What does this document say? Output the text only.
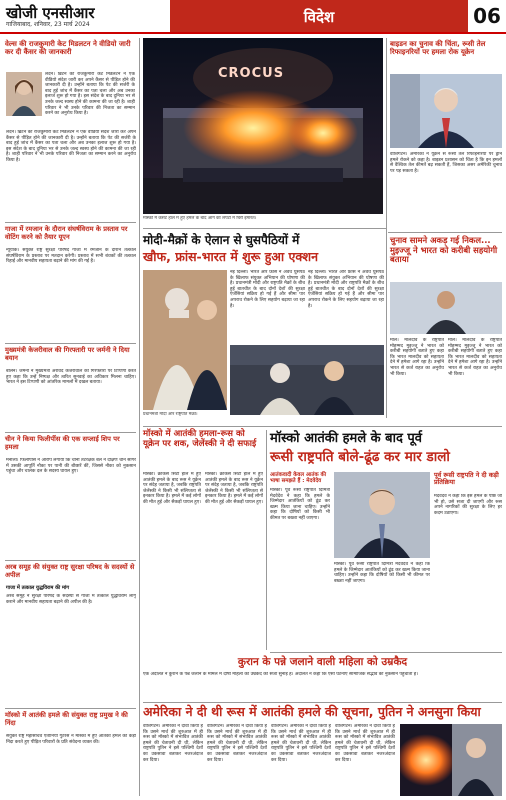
खोजी एनसीआर
गाजियाबाद, शनिवार, 23 मार्च 2024	विदेश	06
वेल्स की राजकुमारी केट मिडलटन ने वीडियो जारी कर दी कैंसर की जानकारी
लंदन। ब्रिटेन की राजकुमारी केट मिडलटन ने एक वीडियो संदेश जारी कर अपने कैंसर से पीड़ित होने की जानकारी दी है। उन्होंने बताया कि पेट की सर्जरी के बाद हुई जांच में कैंसर का पता चला और अब उनका इलाज शुरू हो गया है। इस संदेश के बाद दुनिया भर से उनके जल्द स्वस्थ होने की कामना की जा रही है। शाही परिवार ने भी उनके परिवार की निजता का सम्मान करने का अनुरोध किया है।
लंदन। ब्रिटेन की राजकुमारी केट मिडलटन ने एक वीडियो संदेश जारी कर अपने कैंसर से पीड़ित होने की जानकारी दी है। उन्होंने बताया कि पेट की सर्जरी के बाद हुई जांच में कैंसर का पता चला और अब उनका इलाज शुरू हो गया है। इस संदेश के बाद दुनिया भर से उनके जल्द स्वस्थ होने की कामना की जा रही है। शाही परिवार ने भी उनके परिवार की निजता का सम्मान करने का अनुरोध किया है।
गाजा में रमजान के दौरान संघर्षविराम के प्रस्ताव पर वोटिंग करने को तैयार यूएन
न्यूयॉर्क। संयुक्त राष्ट्र सुरक्षा परिषद गाजा में रमजान के दौरान तत्काल संघर्षविराम के प्रस्ताव पर मतदान करेगी। प्रस्ताव में सभी बंधकों की तत्काल रिहाई और मानवीय सहायता बढ़ाने की मांग की गई है।
मुख्यमंत्री केजरीवाल की गिरफ्तारी पर जर्मनी ने दिया बयान
बर्लिन। जर्मनी ने मुख्यमंत्री अरविंद केजरीवाल की गिरफ्तारी पर टिप्पणी करते हुए कहा कि उन्हें निष्पक्ष और त्वरित सुनवाई का अधिकार मिलना चाहिए। भारत ने इस टिप्पणी को आंतरिक मामलों में दखल बताया।
चीन ने किया फिलीपींस की एक सप्लाई शिप पर हमला
मनीला। फिलीपींस ने आरोप लगाया कि चीनी तटरक्षक बल ने दक्षिण चीन सागर में उसकी आपूर्ति नौका पर पानी की बौछारें कीं, जिससे नौका को नुकसान पहुंचा और चालक दल के सदस्य घायल हुए।
अरब समूह की संयुक्त राष्ट्र सुरक्षा परिषद के सदस्यों से अपील
गाजा में तत्काल युद्धविराम की मांग
अरब समूह ने सुरक्षा परिषद के सदस्यों से गाजा में तत्काल युद्धविराम लागू कराने और मानवीय सहायता बढ़ाने की अपील की है।
मॉस्को में आतंकी हमले की संयुक्त राष्ट्र प्रमुख ने की निंदा
संयुक्त राष्ट्र महासचिव एंतोनियो गुटेरेस ने मॉस्को में हुए आतंकी हमले की कड़ी निंदा करते हुए पीड़ित परिवारों के प्रति संवेदना व्यक्त की।
CROCUS
मॉस्को में कंसर्ट हॉल में हुए हमले के बाद आग की लपटों में घिरी इमारत।
बाइडन का चुनाव की चिंता, रूसी तेल रिफाइनरियों पर हमला रोक यूक्रेन
वॉशिंगटन। अमेरिका ने यूक्रेन से रूसी तेल रिफाइनरियों पर ड्रोन हमले रोकने को कहा है। बाइडन प्रशासन को चिंता है कि इन हमलों से वैश्विक तेल कीमतें बढ़ सकती हैं, जिसका असर अमेरिकी चुनाव पर पड़ सकता है।
चुनाव सामने अकड़ गई निकल... मुइज्जू ने भारत को करीबी सहयोगी बताया
माले। मालदीव के राष्ट्रपति मोहम्मद मुइज्जू ने भारत को करीबी सहयोगी बताते हुए कहा कि भारत मालदीव को सहायता देने में हमेशा आगे रहा है। उन्होंने भारत से कर्ज राहत का अनुरोध भी किया।
माले। मालदीव के राष्ट्रपति मोहम्मद मुइज्जू ने भारत को करीबी सहयोगी बताते हुए कहा कि भारत मालदीव को सहायता देने में हमेशा आगे रहा है। उन्होंने भारत से कर्ज राहत का अनुरोध भी किया।
मोदी-मैक्रों के ऐलान से घुसपैठियों में
खौफ, फ्रांस-भारत में शुरू हुआ एक्शन
नई दिल्ली। भारत और फ्रांस ने अवैध घुसपैठ के खिलाफ संयुक्त अभियान की घोषणा की है। प्रधानमंत्री मोदी और राष्ट्रपति मैक्रों के बीच हुई बातचीत के बाद दोनों देशों की सुरक्षा एजेंसियां सक्रिय हो गई हैं और सीमा पार अपराध रोकने के लिए सहयोग बढ़ाया जा रहा है।
नई दिल्ली। भारत और फ्रांस ने अवैध घुसपैठ के खिलाफ संयुक्त अभियान की घोषणा की है। प्रधानमंत्री मोदी और राष्ट्रपति मैक्रों के बीच हुई बातचीत के बाद दोनों देशों की सुरक्षा एजेंसियां सक्रिय हो गई हैं और सीमा पार अपराध रोकने के लिए सहयोग बढ़ाया जा रहा है।
प्रधानमंत्री मोदी और राष्ट्रपति मैक्रों।
मॉस्को में आतंकी हमला-रूस को यूक्रेन पर शक, जेलेंस्की ने दी सफाई
मॉस्को। क्रोकस सिटी हॉल में हुए आतंकी हमले के बाद रूस ने यूक्रेन पर संदेह जताया है, जबकि राष्ट्रपति जेलेंस्की ने किसी भी संलिप्तता से इनकार किया है। हमले में कई लोगों की मौत हुई और सैकड़ों घायल हुए।
मॉस्को। क्रोकस सिटी हॉल में हुए आतंकी हमले के बाद रूस ने यूक्रेन पर संदेह जताया है, जबकि राष्ट्रपति जेलेंस्की ने किसी भी संलिप्तता से इनकार किया है। हमले में कई लोगों की मौत हुई और सैकड़ों घायल हुए।
मॉस्को आतंकी हमले के बाद पूर्व
रूसी राष्ट्रपति बोले-ढूंढ कर मार डालो
आतंकवादी केवल आतंक की भाषा समझते हैं : मेदवेदेव
मॉस्को। पूर्व रूसी राष्ट्रपति दिमित्री मेदवेदेव ने कहा कि हमले के जिम्मेदार आतंकियों को ढूंढ कर खत्म किया जाना चाहिए। उन्होंने कहा कि दोषियों को किसी भी कीमत पर बख्शा नहीं जाएगा।
मॉस्को। पूर्व रूसी राष्ट्रपति दिमित्री मेदवेदेव ने कहा कि हमले के जिम्मेदार आतंकियों को ढूंढ कर खत्म किया जाना चाहिए। उन्होंने कहा कि दोषियों को किसी भी कीमत पर बख्शा नहीं जाएगा।
पूर्व रूसी राष्ट्रपति ने दी कड़ी प्रतिक्रिया
मेदवेदेव ने कहा कि इस हमले के पीछे जो भी हो, उसे सजा दी जाएगी और रूस अपने नागरिकों की सुरक्षा के लिए हर कदम उठाएगा।
कुरान के पन्ने जलाने वाली महिला को उम्रकैद
एक अदालत ने कुरान के पन्ने जलाने के मामले में दोषी महिला को उम्रकैद की सजा सुनाई है। अदालत ने कहा कि ऐसी घटनाएं सामाजिक सद्भाव को नुकसान पहुंचाती हैं।
अमेरिका ने दी थी रूस में आतंकी हमले की सूचना, पुतिन ने अनसुना किया
वॉशिंगटन। अमेरिका ने दावा किया है कि उसने मार्च की शुरुआत में ही रूस को मॉस्को में संभावित आतंकी हमले की चेतावनी दी थी, लेकिन राष्ट्रपति पुतिन ने इसे पश्चिमी देशों का उकसावा बताकर नजरअंदाज कर दिया।
वॉशिंगटन। अमेरिका ने दावा किया है कि उसने मार्च की शुरुआत में ही रूस को मॉस्को में संभावित आतंकी हमले की चेतावनी दी थी, लेकिन राष्ट्रपति पुतिन ने इसे पश्चिमी देशों का उकसावा बताकर नजरअंदाज कर दिया।
वॉशिंगटन। अमेरिका ने दावा किया है कि उसने मार्च की शुरुआत में ही रूस को मॉस्को में संभावित आतंकी हमले की चेतावनी दी थी, लेकिन राष्ट्रपति पुतिन ने इसे पश्चिमी देशों का उकसावा बताकर नजरअंदाज कर दिया।
वॉशिंगटन। अमेरिका ने दावा किया है कि उसने मार्च की शुरुआत में ही रूस को मॉस्को में संभावित आतंकी हमले की चेतावनी दी थी, लेकिन राष्ट्रपति पुतिन ने इसे पश्चिमी देशों का उकसावा बताकर नजरअंदाज कर दिया।
